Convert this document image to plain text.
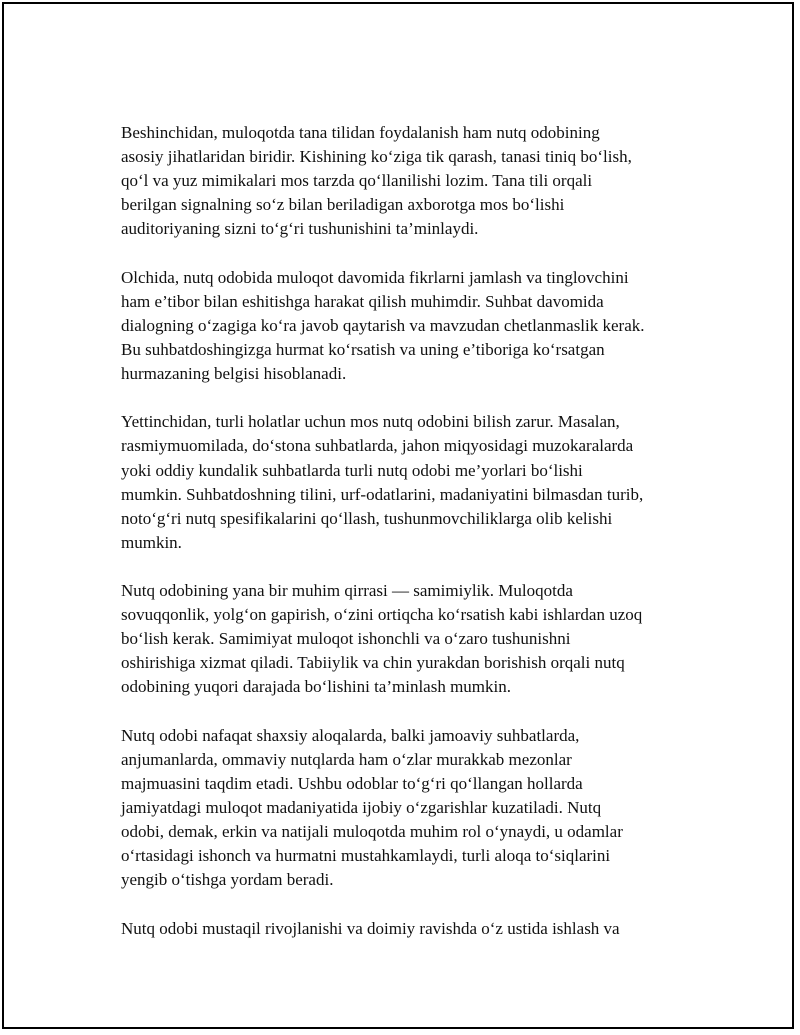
Beshinchidan, muloqotda tana tilidan foydalanish ham nutq odobining
asosiy jihatlaridan biridir. Kishining ko‘ziga tik qarash, tanasi tiniq bo‘lish,
qo‘l va yuz mimikalari mos tarzda qo‘llanilishi lozim. Tana tili orqali
berilgan signalning so‘z bilan beriladigan axborotga mos bo‘lishi
auditoriyaning sizni to‘g‘ri tushunishini ta’minlaydi.

Olchida, nutq odobida muloqot davomida fikrlarni jamlash va tinglovchini
ham e’tibor bilan eshitishga harakat qilish muhimdir. Suhbat davomida
dialogning o‘zagiga ko‘ra javob qaytarish va mavzudan chetlanmaslik kerak.
Bu suhbatdoshingizga hurmat ko‘rsatish va uning e’tiboriga ko‘rsatgan
hurmazaning belgisi hisoblanadi.

Yettinchidan, turli holatlar uchun mos nutq odobini bilish zarur. Masalan,
rasmiymuomilada, do‘stona suhbatlarda, jahon miqyosidagi muzokaralarda
yoki oddiy kundalik suhbatlarda turli nutq odobi me’yorlari bo‘lishi
mumkin. Suhbatdoshning tilini, urf-odatlarini, madaniyatini bilmasdan turib,
noto‘g‘ri nutq spesifikalarini qo‘llash, tushunmovchiliklarga olib kelishi
mumkin.

Nutq odobining yana bir muhim qirrasi — samimiylik. Muloqotda
sovuqqonlik, yolg‘on gapirish, o‘zini ortiqcha ko‘rsatish kabi ishlardan uzoq
bo‘lish kerak. Samimiyat muloqot ishonchli va o‘zaro tushunishni
oshirishiga xizmat qiladi. Tabiiylik va chin yurakdan borishish orqali nutq
odobining yuqori darajada bo‘lishini ta’minlash mumkin.

Nutq odobi nafaqat shaxsiy aloqalarda, balki jamoaviy suhbatlarda,
anjumanlarda, ommaviy nutqlarda ham o‘zlar murakkab mezonlar
majmuasini taqdim etadi. Ushbu odoblar to‘g‘ri qo‘llangan hollarda
jamiyatdagi muloqot madaniyatida ijobiy o‘zgarishlar kuzatiladi. Nutq
odobi, demak, erkin va natijali muloqotda muhim rol o‘ynaydi, u odamlar
o‘rtasidagi ishonch va hurmatni mustahkamlaydi, turli aloqa to‘siqlarini
yengib o‘tishga yordam beradi.

Nutq odobi mustaqil rivojlanishi va doimiy ravishda o‘z ustida ishlash va
